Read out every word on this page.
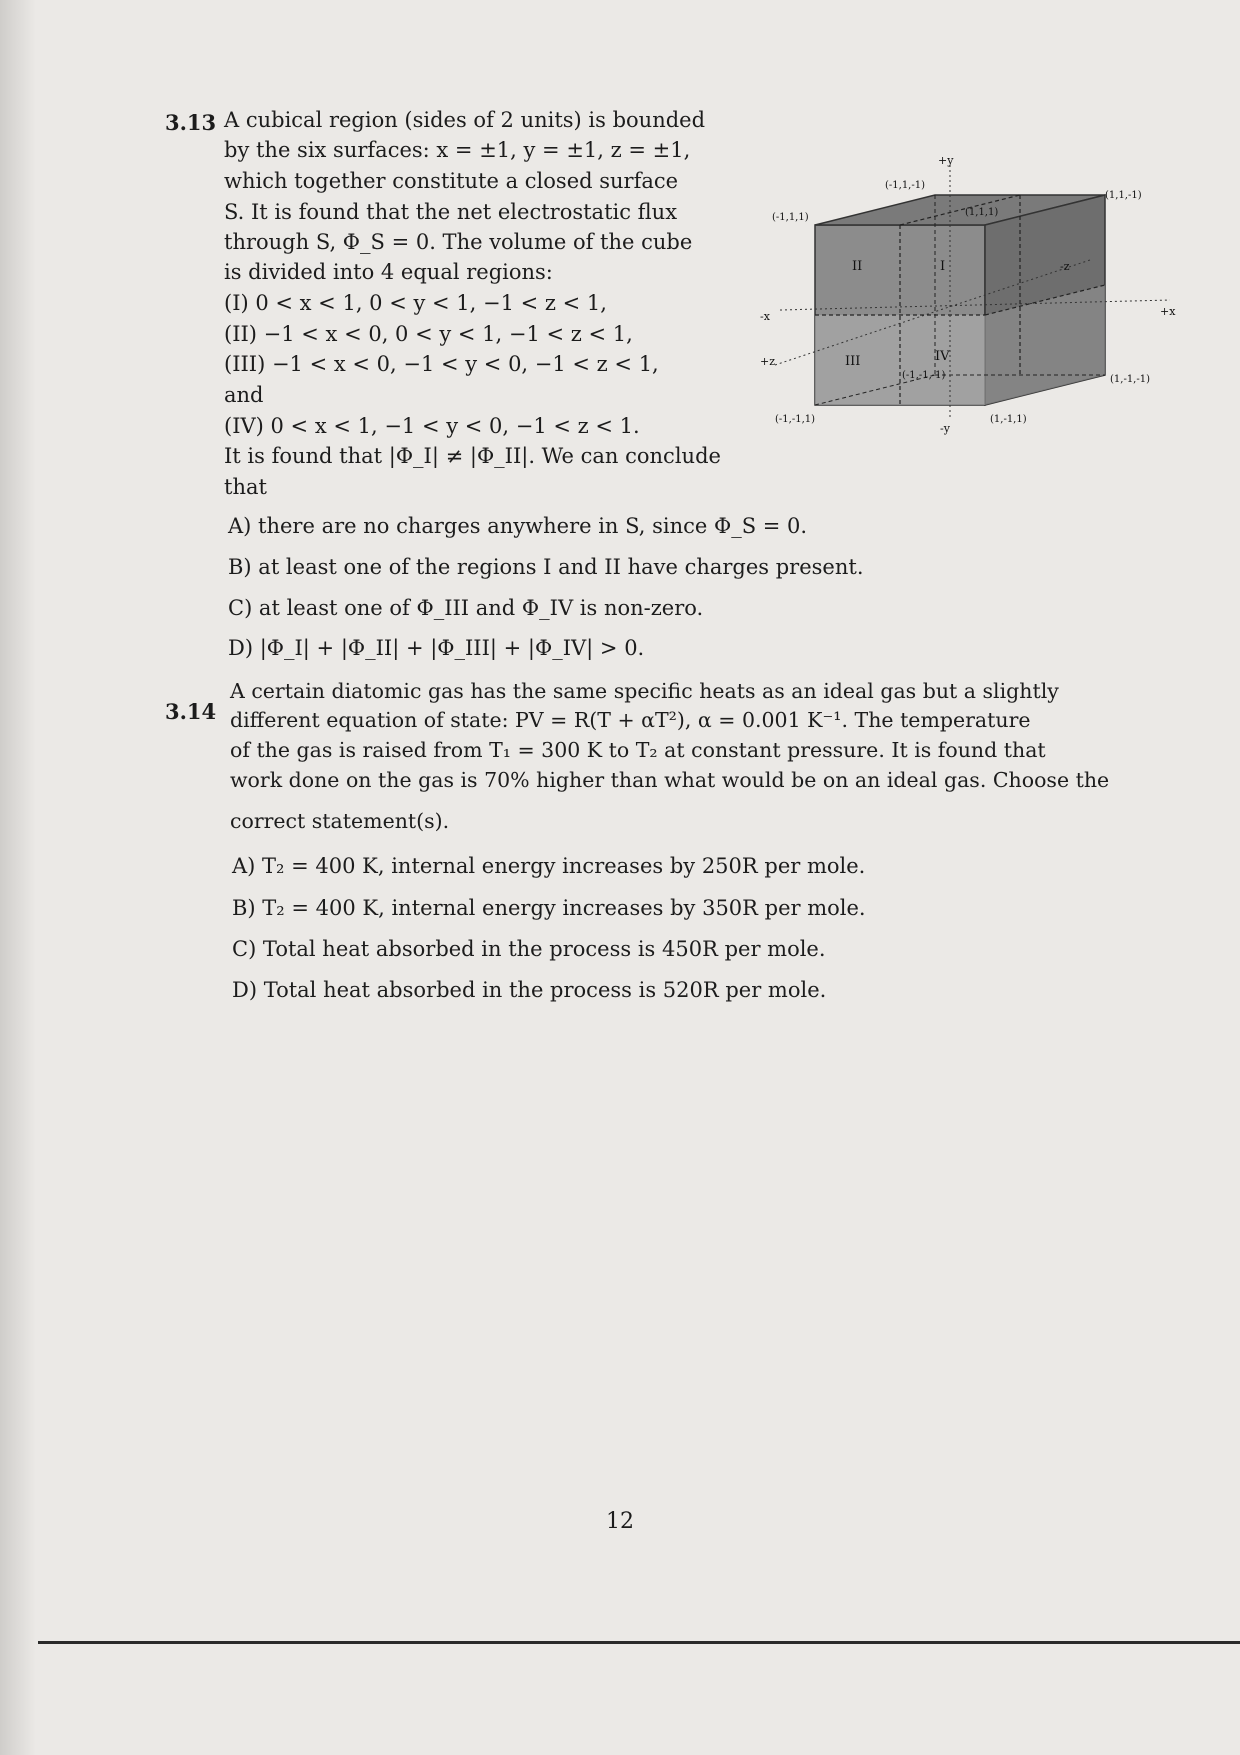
3.13 A cubical region (sides of 2 units) is bounded
by the six surfaces: x = ±1, y = ±1, z = ±1,
which together constitute a closed surface
S. It is found that the net electrostatic flux
through S, Φ_S = 0. The volume of the cube
is divided into 4 equal regions:
(I) 0 < x < 1, 0 < y < 1, −1 < z < 1,
(II) −1 < x < 0, 0 < y < 1, −1 < z < 1,
(III) −1 < x < 0, −1 < y < 0, −1 < z < 1,
and
(IV) 0 < x < 1, −1 < y < 0, −1 < z < 1.
It is found that |Φ_I| ≠ |Φ_II|. We can conclude
that
A) there are no charges anywhere in S, since Φ_S = 0.
B) at least one of the regions I and II have charges present.
C) at least one of Φ_III and Φ_IV is non-zero.
D) |Φ_I| + |Φ_II| + |Φ_III| + |Φ_IV| > 0.
II	I
III	IV
(-1,1,-1)
(1,1,-1)
(-1,1,1)	(1,1,1)
(1,-1,-1)
(-1,-1,1)	(1,-1,1)
(-1,-1,-1)
+y
-y
+x
-x
+z
-z
3.14
A certain diatomic gas has the same specific heats as an ideal gas but a slightly
different equation of state: PV = R(T + αT²), α = 0.001 K⁻¹. The temperature
of the gas is raised from T₁ = 300 K to T₂ at constant pressure. It is found that
work done on the gas is 70% higher than what would be on an ideal gas. Choose the
correct statement(s).
A) T₂ = 400 K, internal energy increases by 250R per mole.
B) T₂ = 400 K, internal energy increases by 350R per mole.
C) Total heat absorbed in the process is 450R per mole.
D) Total heat absorbed in the process is 520R per mole.
12
